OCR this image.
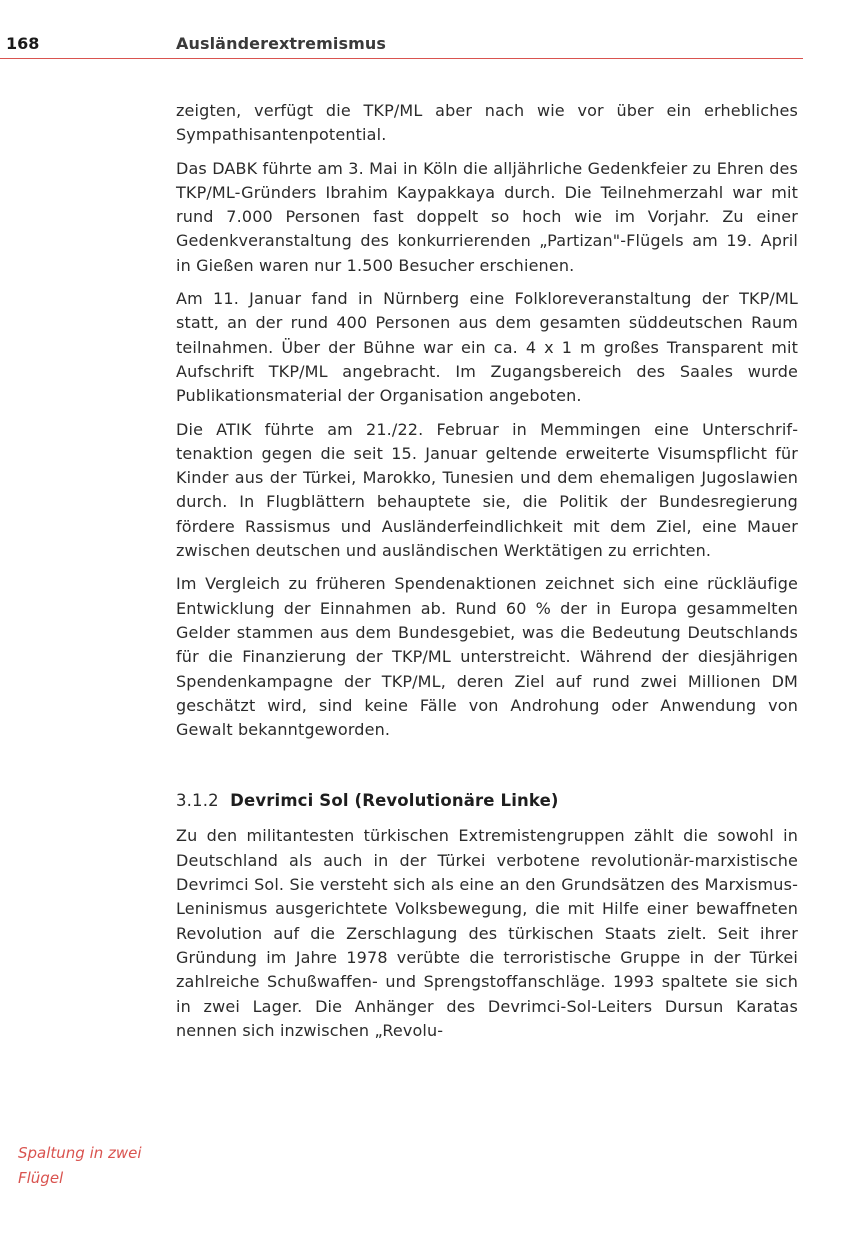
168	Ausländerextremismus

zeigten, verfügt die TKP/ML aber nach wie vor über ein erhebliches Sympathisantenpotential.

Das DABK führte am 3. Mai in Köln die alljährliche Gedenkfeier zu Ehren des TKP/ML-Gründers Ibrahim Kaypakkaya durch. Die Teilnehmerzahl war mit rund 7.000 Personen fast doppelt so hoch wie im Vorjahr. Zu einer Gedenkveranstaltung des konkurrierenden „Partizan"-Flügels am 19. April in Gießen waren nur 1.500 Besucher erschienen.

Am 11. Januar fand in Nürnberg eine Folkloreveranstaltung der TKP/ML statt, an der rund 400 Personen aus dem gesamten süddeutschen Raum teilnahmen. Über der Bühne war ein ca. 4 x 1 m großes Transparent mit Aufschrift TKP/ML angebracht. Im Zugangsbereich des Saales wurde Publikationsmaterial der Organisation angeboten.

Die ATIK führte am 21./22. Februar in Memmingen eine Unterschriftenaktion gegen die seit 15. Januar geltende erweiterte Visumspflicht für Kinder aus der Türkei, Marokko, Tunesien und dem ehemaligen Jugoslawien durch. In Flugblättern behauptete sie, die Politik der Bundesregierung fördere Rassismus und Ausländerfeindlichkeit mit dem Ziel, eine Mauer zwischen deutschen und ausländischen Werktätigen zu errichten.

Im Vergleich zu früheren Spendenaktionen zeichnet sich eine rückläufige Entwicklung der Einnahmen ab. Rund 60 % der in Europa gesammelten Gelder stammen aus dem Bundesgebiet, was die Bedeutung Deutschlands für die Finanzierung der TKP/ML unterstreicht. Während der diesjährigen Spendenkampagne der TKP/ML, deren Ziel auf rund zwei Millionen DM geschätzt wird, sind keine Fälle von Androhung oder Anwendung von Gewalt bekanntgeworden.

3.1.2 Devrimci Sol (Revolutionäre Linke)

Zu den militantesten türkischen Extremistengruppen zählt die sowohl in Deutschland als auch in der Türkei verbotene revolutionär-marxistische Devrimci Sol. Sie versteht sich als eine an den Grundsätzen des Marxismus-Leninismus ausgerichtete Volksbewegung, die mit Hilfe einer bewaffneten Revolution auf die Zerschlagung des türkischen Staats zielt. Seit ihrer Gründung im Jahre 1978 verübte die terroristische Gruppe in der Türkei zahlreiche Schußwaffen- und Sprengstoffanschläge. 1993 spaltete sie sich in zwei Lager. Die Anhänger des Devrimci-Sol-Leiters Dursun Karatas nennen sich inzwischen „Revolu-

Spaltung in zwei Flügel
